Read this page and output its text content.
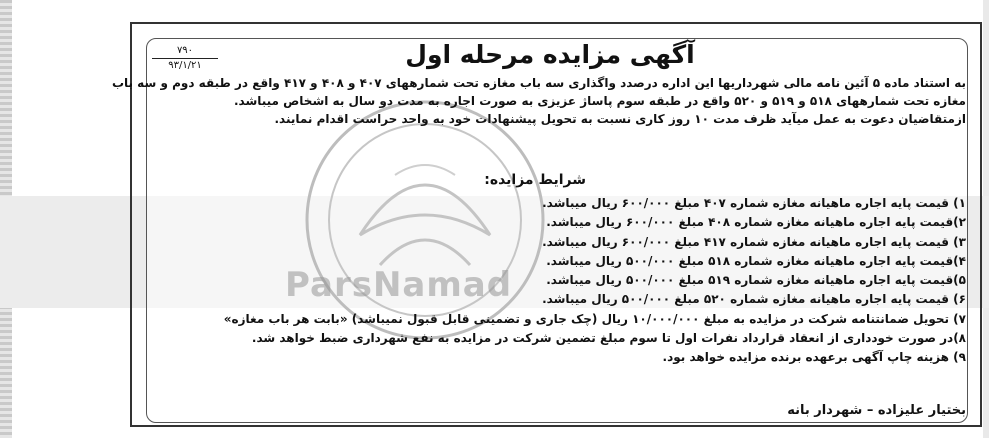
ParsNamad
۷۹۰
۹۳/۱/۲۱	آگهی مزایده مرحله اول

به استناد ماده ۵ آئین نامه مالی شهرداریها این اداره درصدد واگذاری سه باب مغازه تحت شمارههای ۴۰۷ و ۴۰۸ و ۴۱۷ واقع در طبقه دوم و سه باب

مغازه تحت شمارههای ۵۱۸ و ۵۱۹ و ۵۲۰ واقع در طبقه سوم پاساژ عزیزی به صورت اجاره به مدت دو سال به اشخاص میباشد.

ازمتقاضیان دعوت به عمل میآید ظرف مدت ۱۰ روز کاری نسبت به تحویل پیشنهادات خود به واحد حراست اقدام نمایند.

شرایط مزایده:
۱) قیمت پایه اجاره ماهیانه مغازه شماره ۴۰۷ مبلغ ۶۰۰/۰۰۰ ریال میباشد.
۲)قیمت پایه اجاره ماهیانه مغازه شماره ۴۰۸ مبلغ ۶۰۰/۰۰۰ ریال میباشد.
۳) قیمت پایه اجاره ماهیانه مغازه شماره ۴۱۷ مبلغ ۶۰۰/۰۰۰ ریال میباشد.
۴)قیمت پایه اجاره ماهیانه مغازه شماره ۵۱۸ مبلغ ۵۰۰/۰۰۰ ریال میباشد.
۵)قیمت پایه اجاره ماهیانه مغازه شماره ۵۱۹ مبلغ ۵۰۰/۰۰۰ ریال میباشد.
۶) قیمت پایه اجاره ماهیانه مغازه شماره ۵۲۰ مبلغ ۵۰۰/۰۰۰ ریال میباشد.
۷) تحویل ضمانتنامه شرکت در مزایده به مبلغ ۱۰/۰۰۰/۰۰۰ ریال (چک جاری و تضمینی قابل قبول نمیباشد) «بابت هر باب مغازه»
۸)در صورت خودداری از انعقاد قرارداد نفرات اول تا سوم مبلغ تضمین شرکت در مزایده به نفع شهرداری ضبط خواهد شد.
۹) هزینه چاپ آگهی برعهده برنده مزایده خواهد بود.
بختیار علیزاده – شهردار بانه
